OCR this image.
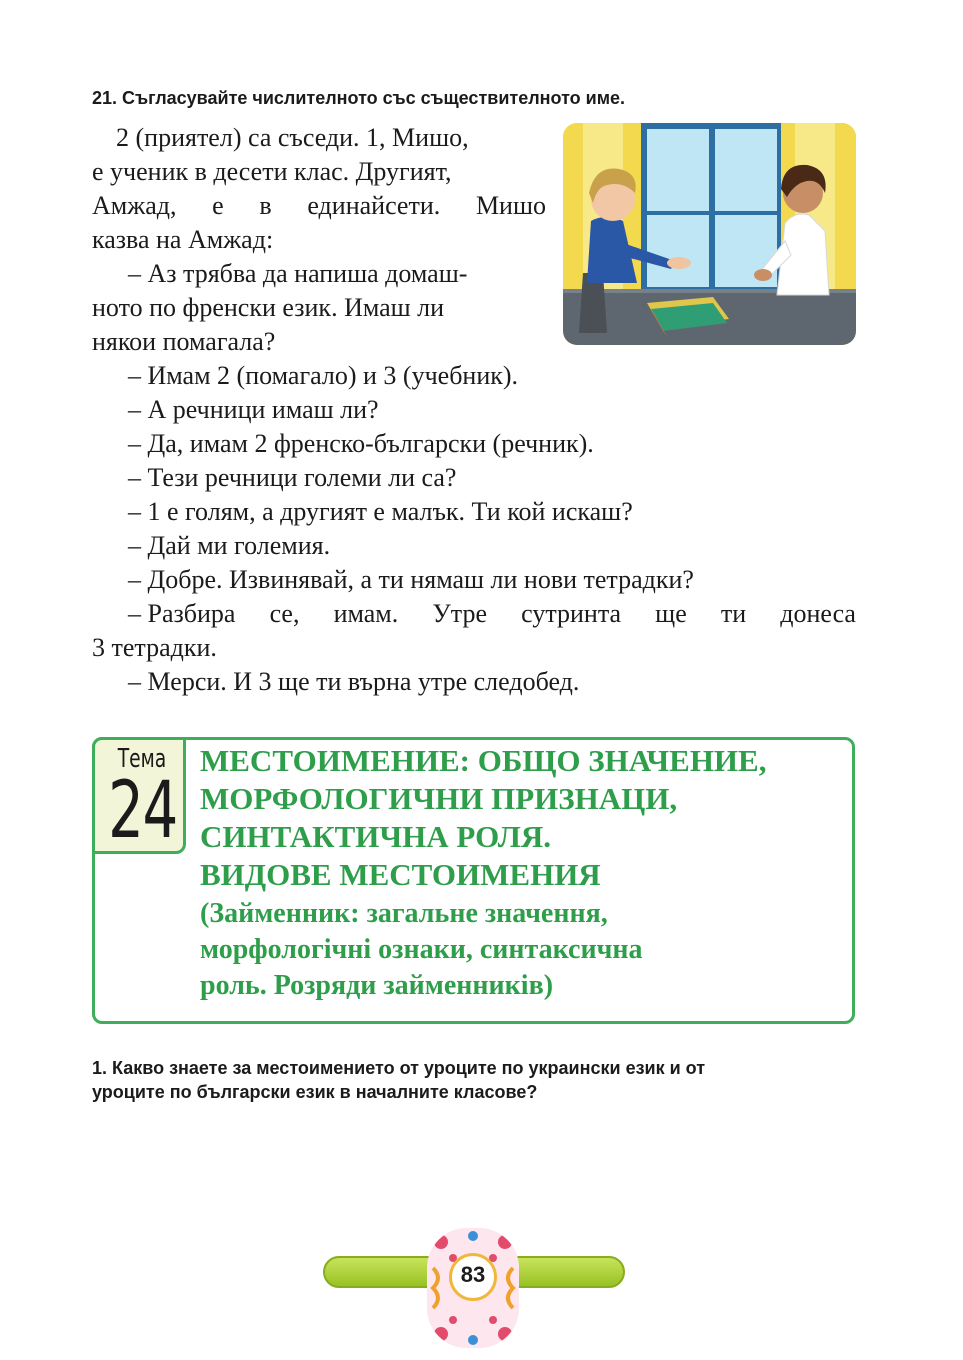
21. Съгласувайте числителното със съществителното име.
2 (приятел) са съседи. 1, Мишо,
е ученик в десети клас. Другият,
Амжад, е в единайсети. Мишо
казва на Амжад:
– Аз трябва да напиша домаш-
ното по френски език. Имаш ли
някои помагала?
– Имам 2 (помагало) и 3 (учебник).
– А речници имаш ли?
– Да, имам 2 френско-български (речник).
– Тези речници големи ли са?
– 1 е голям, а другият е малък. Ти кой искаш?
– Дай ми големия.
– Добре. Извинявай, а ти нямаш ли нови тетрадки?
– Разбира се, имам. Утре сутринта ще ти донеса
3 тетрадки.
– Мерси. И 3 ще ти върна утре следобед.
Тема
24
МЕСТОИМЕНИЕ: ОБЩО ЗНАЧЕНИЕ,
МОРФОЛОГИЧНИ ПРИЗНАЦИ,
СИНТАКТИЧНА РОЛЯ.
ВИДОВЕ МЕСТОИМЕНИЯ
(Займенник: загальне значення,
морфологічні ознаки, синтаксична
роль. Розряди займенників)
1. Какво знаете за местоимението от уроците по украински език и от
уроците по български език в началните класове?
83
